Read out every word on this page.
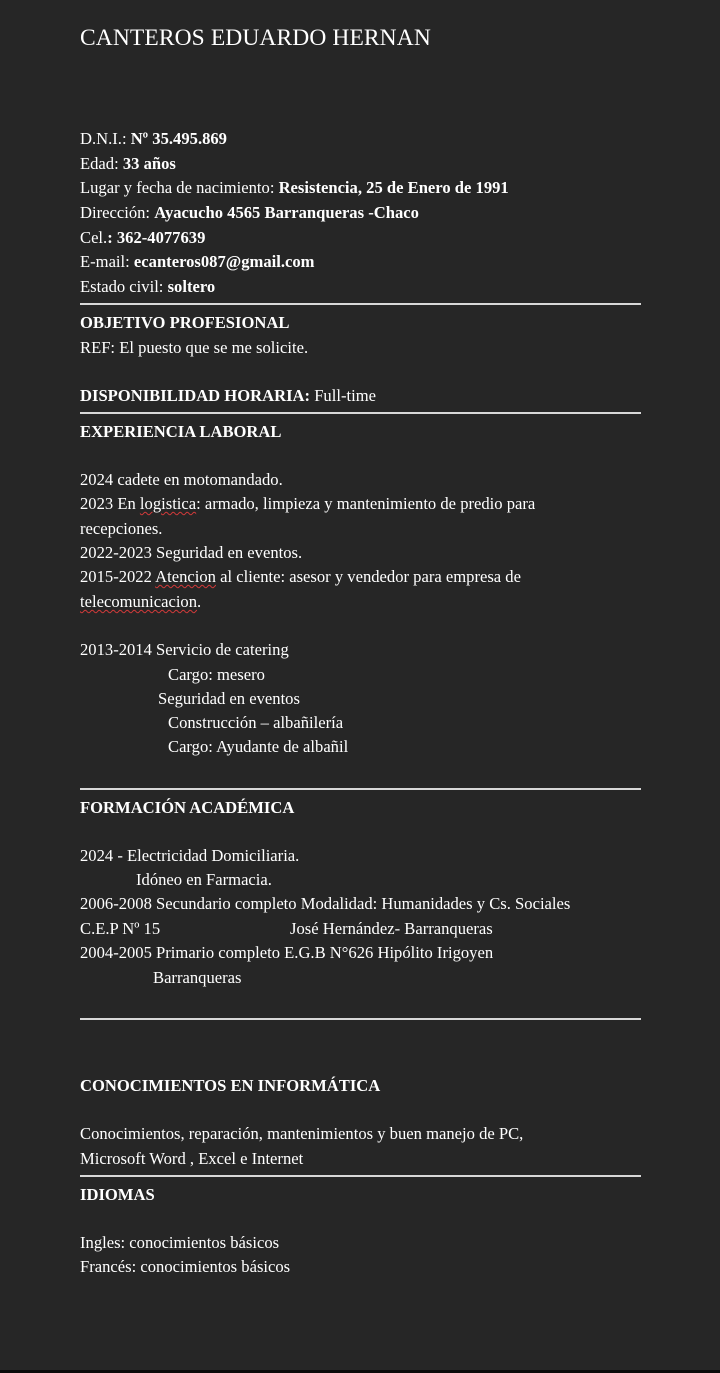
CANTEROS EDUARDO HERNAN
D.N.I.: Nº 35.495.869
Edad: 33 años
Lugar y fecha de nacimiento: Resistencia, 25 de Enero de 1991
Dirección: Ayacucho 4565 Barranqueras -Chaco
Cel.: 362-4077639
E-mail: ecanteros087@gmail.com
Estado civil: soltero
OBJETIVO PROFESIONAL
REF: El puesto que se me solicite.
DISPONIBILIDAD HORARIA: Full-time
EXPERIENCIA LABORAL
2024 cadete en motomandado.
2023 En logistica: armado, limpieza y mantenimiento de predio para
recepciones.
2022-2023 Seguridad en eventos.
2015-2022 Atencion al cliente: asesor y vendedor para empresa de
telecomunicacion.
2013-2014 Servicio de catering
Cargo: mesero
Seguridad en eventos
Construcción – albañilería
Cargo: Ayudante de albañil
FORMACIÓN ACADÉMICA
2024 - Electricidad Domiciliaria.
Idóneo en Farmacia.
2006-2008 Secundario completo Modalidad: Humanidades y Cs. Sociales
C.E.P Nº 15	José Hernández- Barranqueras
2004-2005 Primario completo E.G.B N°626 Hipólito Irigoyen
Barranqueras
CONOCIMIENTOS EN INFORMÁTICA
Conocimientos, reparación, mantenimientos y buen manejo de PC,
Microsoft Word , Excel e Internet
IDIOMAS
Ingles: conocimientos básicos
Francés: conocimientos básicos
